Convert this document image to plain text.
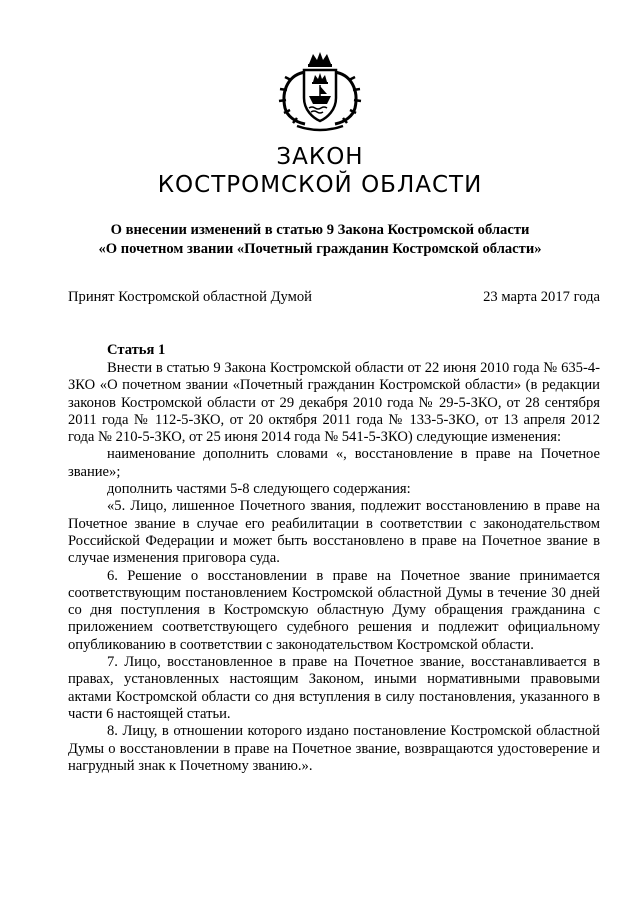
ЗАКОН
КОСТРОМСКОЙ ОБЛАСТИ
О внесении изменений в статью 9 Закона Костромской области
«О почетном звании «Почетный гражданин Костромской области»
Принят Костромской областной Думой	23 марта 2017 года
Статья 1

Внести в статью 9 Закона Костромской области от 22 июня 2010 года № 635-4-ЗКО «О почетном звании «Почетный гражданин Костромской области» (в редакции законов Костромской области от 29 декабря 2010 года № 29-5-ЗКО, от 28 сентября 2011 года № 112-5-ЗКО, от 20 октября 2011 года № 133-5-ЗКО, от 13 апреля 2012 года № 210-5-ЗКО, от 25 июня 2014 года № 541-5-ЗКО) следующие изменения:

наименование дополнить словами «, восстановление в праве на Почетное звание»;

дополнить частями 5-8 следующего содержания:

«5. Лицо, лишенное Почетного звания, подлежит восстановлению в праве на Почетное звание в случае его реабилитации в соответствии с законодательством Российской Федерации и может быть восстановлено в праве на Почетное звание в случае изменения приговора суда.

6. Решение о восстановлении в праве на Почетное звание принимается соответствующим постановлением Костромской областной Думы в течение 30 дней со дня поступления в Костромскую областную Думу обращения гражданина с приложением соответствующего судебного решения и подлежит официальному опубликованию в соответствии с законодательством Костромской области.

7. Лицо, восстановленное в праве на Почетное звание, восстанавливается в правах, установленных настоящим Законом, иными нормативными правовыми актами Костромской области со дня вступления в силу постановления, указанного в части 6 настоящей статьи.

8. Лицу, в отношении которого издано постановление Костромской областной Думы о восстановлении в праве на Почетное звание, возвращаются удостоверение и нагрудный знак к Почетному званию.».
